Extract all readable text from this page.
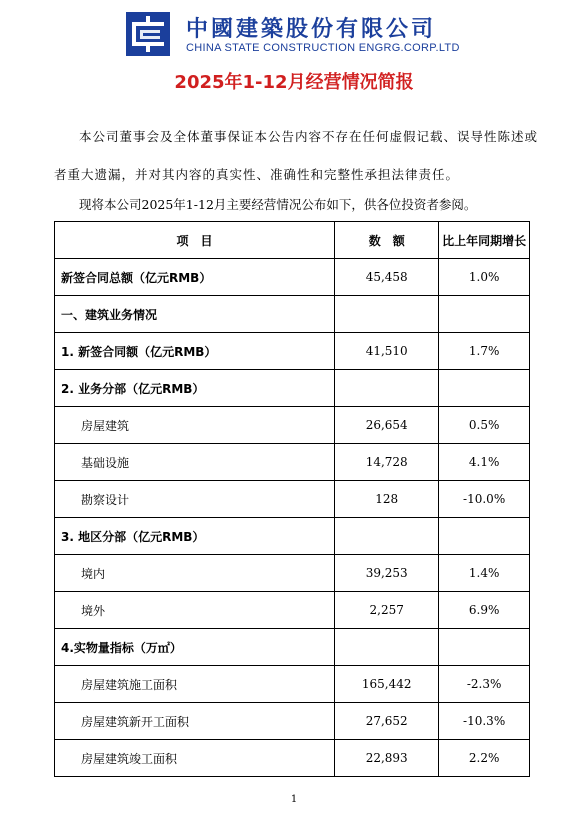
中國建築股份有限公司
CHINA STATE CONSTRUCTION ENGRG.CORP.LTD
2025年1-12月经营情况简报
本公司董事会及全体董事保证本公告内容不存在任何虚假记载、误导性陈述或者重大遗漏，并对其内容的真实性、准确性和完整性承担法律责任。
现将本公司2025年1-12月主要经营情况公布如下，供各位投资者参阅。
项　目	数　额	比上年同期增长
新签合同总额（亿元RMB）	45,458	1.0%
一、建筑业务情况		
1. 新签合同额（亿元RMB）	41,510	1.7%
2. 业务分部（亿元RMB）		
房屋建筑	26,654	0.5%
基础设施	14,728	4.1%
勘察设计	128	-10.0%
3. 地区分部（亿元RMB）		
境内	39,253	1.4%
境外	2,257	6.9%
4.实物量指标（万㎡）		
房屋建筑施工面积	165,442	-2.3%
房屋建筑新开工面积	27,652	-10.3%
房屋建筑竣工面积	22,893	2.2%
1
